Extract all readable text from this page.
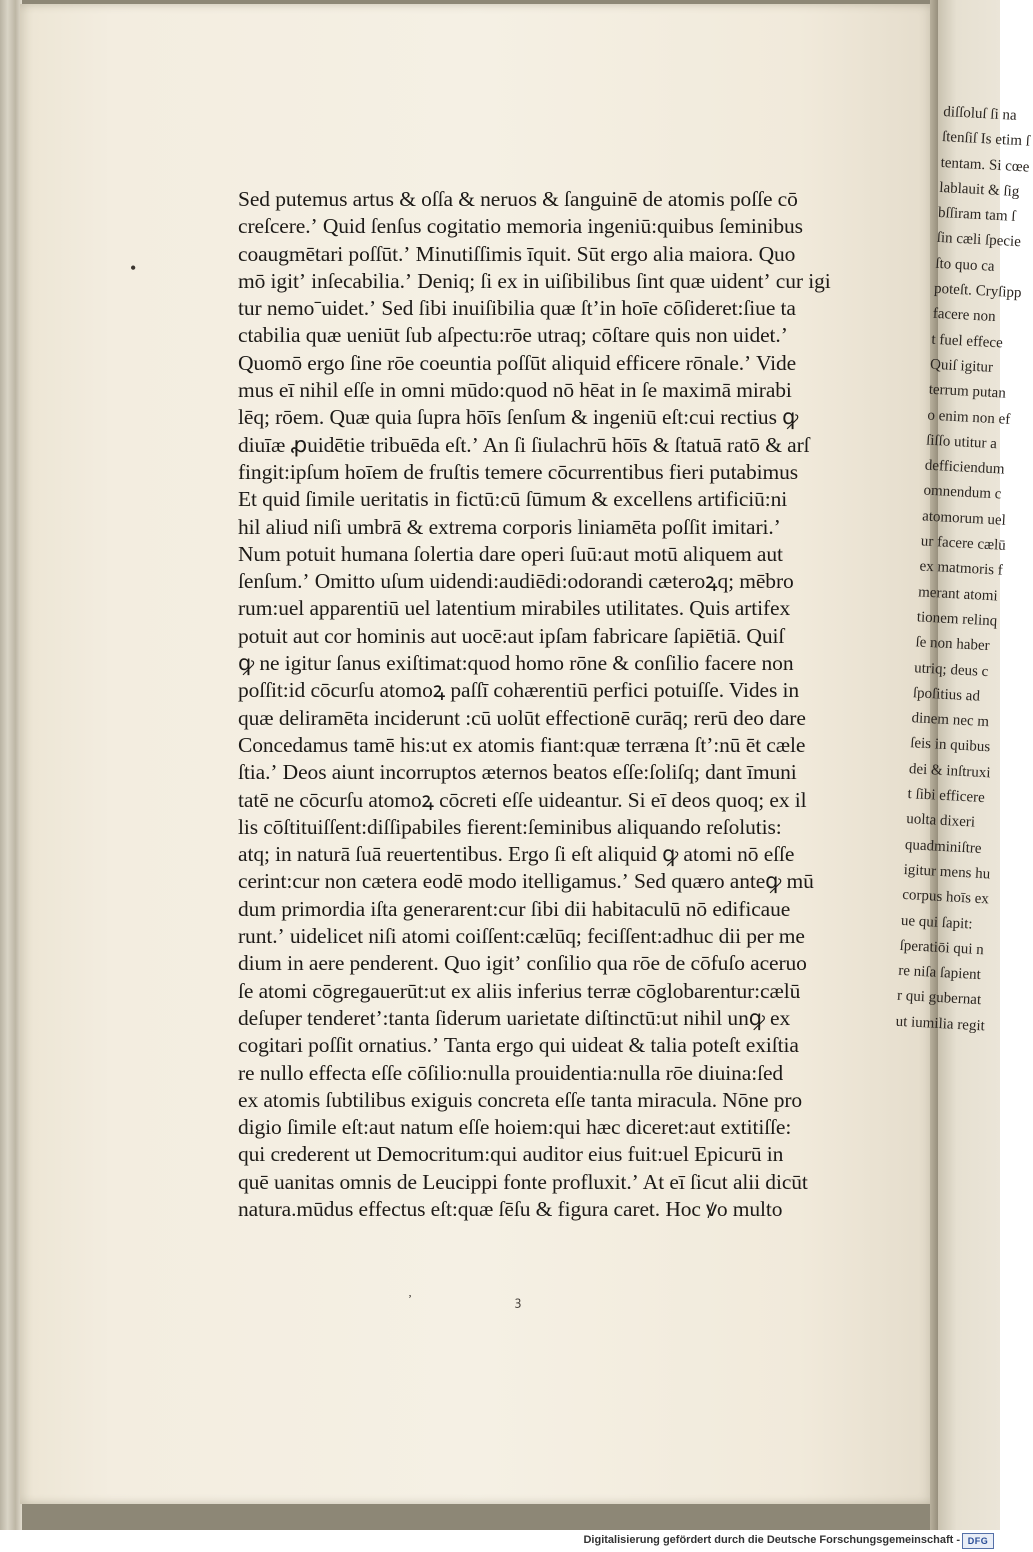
diſſoluſ ſi na
ſtenſiſ Is etim ſ
tentam. Si cœe
lablauit & ſig
bſſiram tam ſ
ſin cæli ſpecie
ſto quo ca
poteſt. Cryſipp
facere non
t fuel effece
Quiſ igitur
terrum putan
o enim non ef
ſiſſo utitur a
defficiendum
omnendum c
atomorum uel
ur facere cælū
ex matmoris f
merant atomi
tionem relinq
ſe non haber
utriq; deus c
ſpoſitius ad
dinem nec m
ſeis in quibus
dei & inſtruxi
t ſibi efficere
uolta dixeri
quadminiſtre
igitur mens hu
corpus hoīs ex
ue qui ſapit:
ſperatiōi qui n
re niſa ſapient
r qui gubernat
ut iumilia regit
•
Sed putemus artus & oſſa & neruos & ſanguinē de atomis poſſe cō
creſcere.ʼ Quid ſenſus cogitatio memoria ingeniū:quibus ſeminibus
coaugmētari poſſūt.ʼ Minutiſſimis īquit. Sūt ergo alia maiora. Quo
mō igitʼ inſecabilia.ʼ Deniq; ſi ex in uiſibilibus ſint quæ uidentʼ cur igi
tur nemoˉuidet.ʼ Sed ſibi inuiſibilia quæ ſtʼin hoīe cōſideret:ſiue ta
ctabilia quæ ueniūt ſub aſpectu:rōe utraq; cōſtare quis non uidet.ʼ
Quomō ergo ſine rōe coeuntia poſſūt aliquid efficere rōnale.ʼ Vide
mus eī nihil eſſe in omni mūdo:quod nō hēat in ſe maximā mirabi
lēq; rōem. Quæ quia ſupra hōīs ſenſum & ingeniū eſt:cui rectius ꝙ
diuīæ ꝓuidētie tribuēda eſt.ʼ An ſi ſiulachrū hōīs & ſtatuā ratō & arſ
fingit:ipſum hoīem de fruſtis temere cōcurrentibus fieri putabimus
Et quid ſimile ueritatis in fictū:cū ſūmum & excellens artificiū:ni
hil aliud niſi umbrā & extrema corporis liniamēta poſſit imitari.ʼ
Num potuit humana ſolertia dare operi ſuū:aut motū aliquem aut
ſenſum.ʼ Omitto uſum uidendi:audiēdi:odorandi cæteroꝝq; mēbro
rum:uel apparentiū uel latentium mirabiles utilitates. Quis artifex
potuit aut cor hominis aut uocē:aut ipſam fabricare ſapiētiā. Quiſ
ꝙ ne igitur ſanus exiſtimat:quod homo rōne & conſilio facere non
poſſit:id cōcurſu atomoꝝ paſſī cohærentiū perfici potuiſſe. Vides in
quæ deliramēta inciderunt :cū uolūt effectionē curāq; rerū deo dare
Concedamus tamē his:ut ex atomis fiant:quæ terræna ſtʼ:nū ēt cæle
ſtia.ʼ Deos aiunt incorruptos æternos beatos eſſe:ſoliſq; dant īmuni
tatē ne cōcurſu atomoꝝ cōcreti eſſe uideantur. Si eī deos quoq; ex il
lis cōſtituiſſent:diſſipabiles fierent:ſeminibus aliquando reſolutis:
atq; in naturā ſuā reuertentibus. Ergo ſi eſt aliquid ꝙ atomi nō eſſe
cerint:cur non cætera eodē modo itelligamus.ʼ Sed quæro anteꝙ mū
dum primordia iſta generarent:cur ſibi dii habitaculū nō edificaue
runt.ʼ uidelicet niſi atomi coiſſent:cælūq; feciſſent:adhuc dii per me
dium in aere penderent. Quo igitʼ conſilio qua rōe de cōfuſo aceruo
ſe atomi cōgregauerūt:ut ex aliis inferius terræ cōglobarentur:cælū
deſuper tenderetʼ:tanta ſiderum uarietate diſtinctū:ut nihil unꝙ ex
cogitari poſſit ornatius.ʼ Tanta ergo qui uideat & talia poteſt exiſtia
re nullo effecta eſſe cōſilio:nulla prouidentia:nulla rōe diuina:ſed
ex atomis ſubtilibus exiguis concreta eſſe tanta miracula. Nōne pro
digio ſimile eſt:aut natum eſſe hoiem:qui hæc diceret:aut extitiſſe:
qui crederent ut Democritum:qui auditor eius fuit:uel Epicurū in
quē uanitas omnis de Leucippi fonte profluxit.ʼ At eī ſicut alii dicūt
natura.mūdus effectus eſt:quæ ſēſu & figura caret. Hoc ꝟo multo
ʼ	ꝫ
Digitalisierung gefördert durch die Deutsche Forschungsgemeinschaft - DFG
